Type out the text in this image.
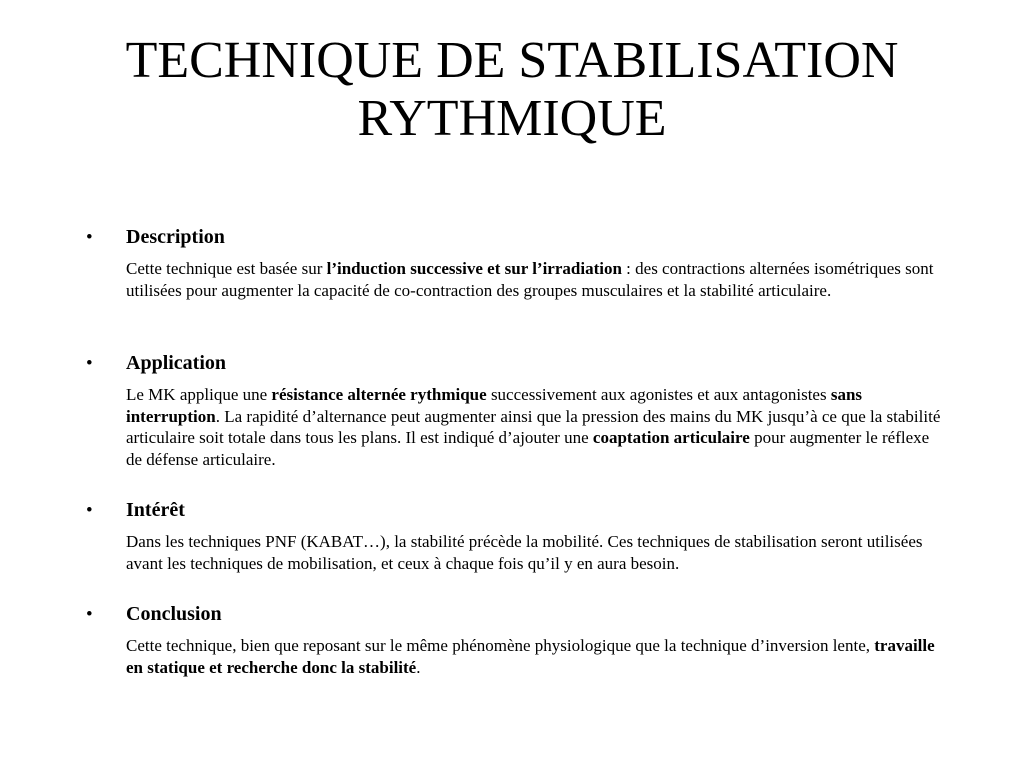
TECHNIQUE DE STABILISATION
RYTHMIQUE
•	Description
Cette technique est basée sur l’induction successive et sur l’irradiation : des contractions alternées isométriques sont utilisées pour augmenter la capacité de co-contraction des groupes musculaires et la stabilité articulaire.
•	Application
Le MK applique une résistance alternée rythmique successivement aux agonistes et aux antagonistes sans interruption. La rapidité d’alternance peut augmenter ainsi que la pression des mains du MK jusqu’à ce que la stabilité articulaire soit totale dans tous les plans. Il est indiqué d’ajouter une coaptation articulaire pour augmenter le réflexe de défense articulaire.
•	Intérêt
Dans les techniques PNF (KABAT…), la stabilité précède la mobilité. Ces techniques de stabilisation seront utilisées avant les techniques de mobilisation, et ceux à chaque fois qu’il y en aura besoin.
•	Conclusion
Cette technique, bien que reposant sur le même phénomène physiologique que la technique d’inversion lente, travaille en statique et recherche donc la stabilité.
